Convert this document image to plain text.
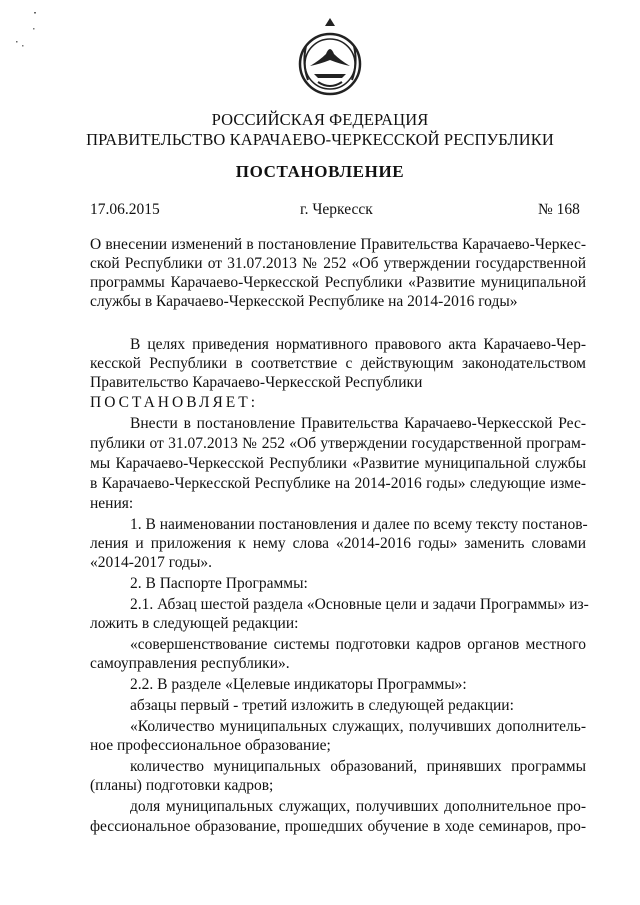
РОССИЙСКАЯ ФЕДЕРАЦИЯ
ПРАВИТЕЛЬСТВО КАРАЧАЕВО-ЧЕРКЕССКОЙ РЕСПУБЛИКИ
ПОСТАНОВЛЕНИЕ
17.06.2015	г. Черкесск	№ 168
О внесении изменений в постановление Правительства Карачаево-Черкес-
ской Республики от 31.07.2013 № 252 «Об утверждении государственной
программы Карачаево-Черкесской Республики «Развитие муниципальной
службы в Карачаево-Черкесской Республике на 2014-2016 годы»
В целях приведения нормативного правового акта Карачаево-Чер-
кесской Республики в соответствие с действующим законодательством
Правительство Карачаево-Черкесской Республики
ПОСТАНОВЛЯЕТ:
Внести в постановление Правительства Карачаево-Черкесской Рес-
публики от 31.07.2013 № 252 «Об утверждении государственной програм-
мы Карачаево-Черкесской Республики «Развитие муниципальной службы
в Карачаево-Черкесской Республике на 2014-2016 годы» следующие изме-
нения:
1. В наименовании постановления и далее по всему тексту постанов-
ления и приложения к нему слова «2014-2016 годы» заменить словами
«2014-2017 годы».
2. В Паспорте Программы:
2.1. Абзац шестой раздела «Основные цели и задачи Программы» из-
ложить в следующей редакции:
«совершенствование системы подготовки кадров органов местного
самоуправления республики».
2.2. В разделе «Целевые индикаторы Программы»:
абзацы первый - третий изложить в следующей редакции:
«Количество муниципальных служащих, получивших дополнитель-
ное профессиональное образование;
количество муниципальных образований, принявших программы
(планы) подготовки кадров;
доля муниципальных служащих, получивших дополнительное про-
фессиональное образование, прошедших обучение в ходе семинаров, про-
